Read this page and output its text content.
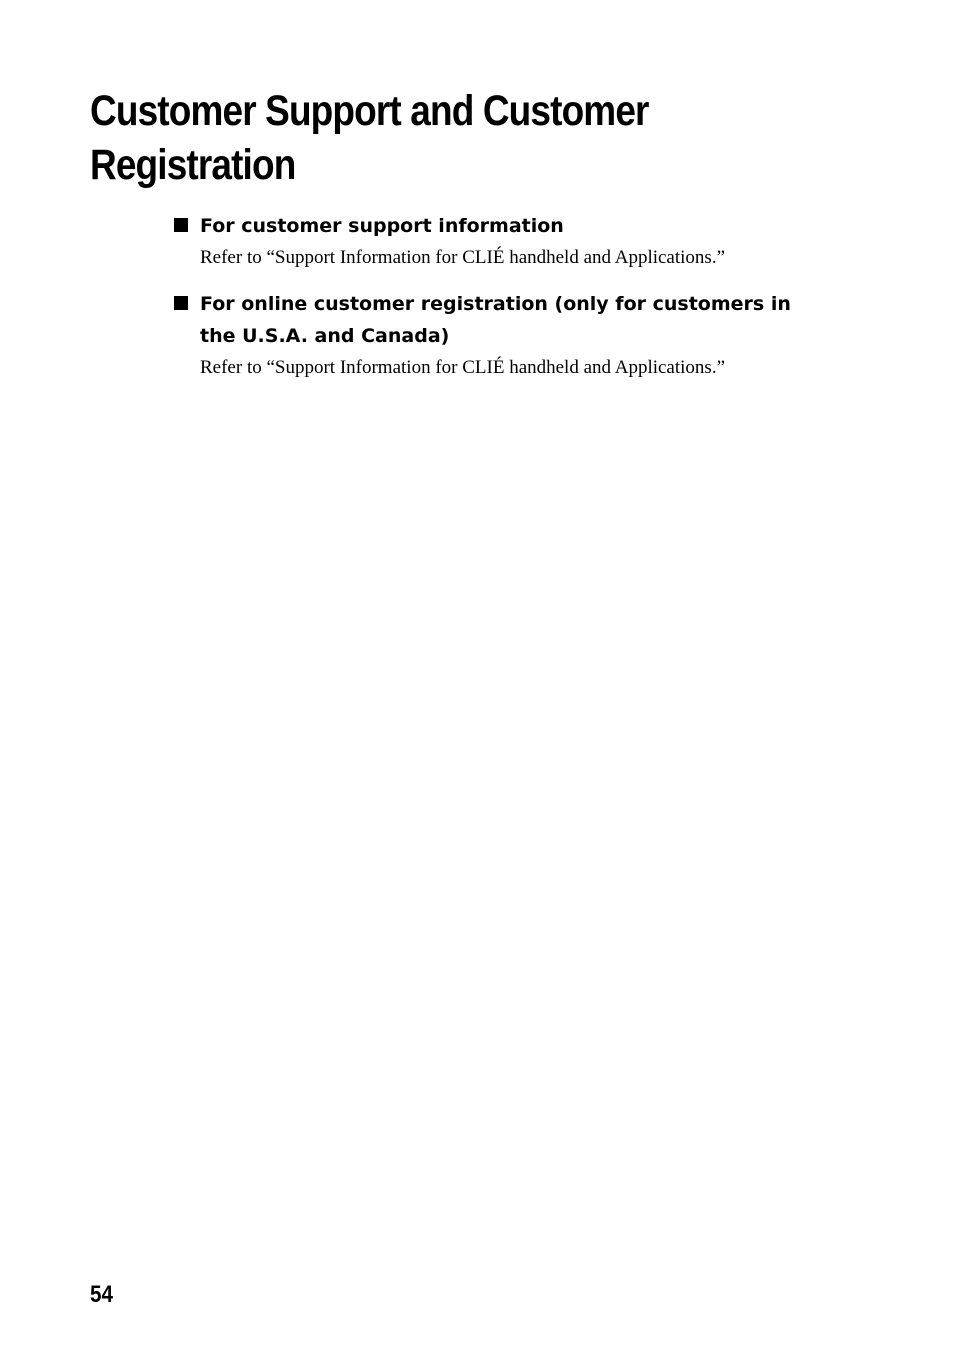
Customer Support and Customer Registration

For customer support information

Refer to “Support Information for CLIÉ handheld and Applications.”

For online customer registration (only for customers in the U.S.A. and Canada)

Refer to “Support Information for CLIÉ handheld and Applications.”

54
